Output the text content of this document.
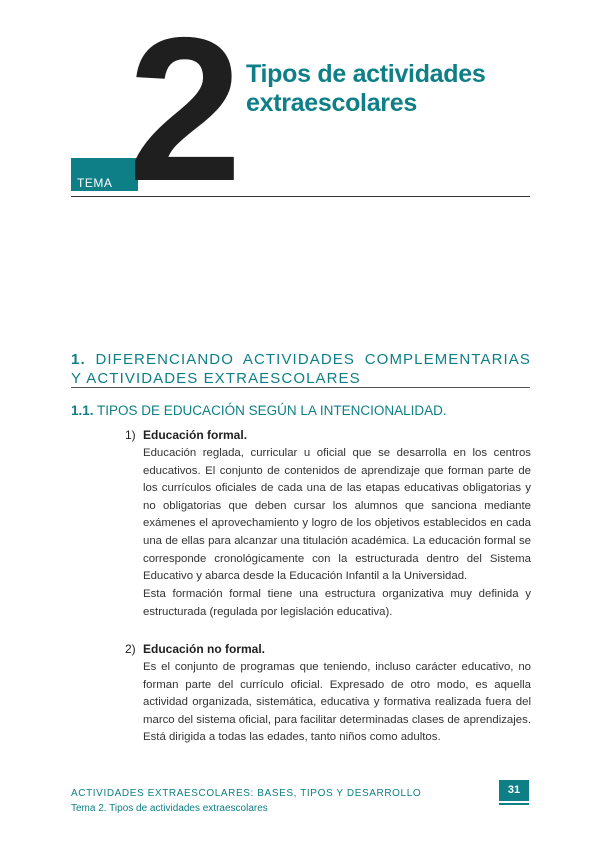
TEMA 2 Tipos de actividades extraescolares
1. DIFERENCIANDO ACTIVIDADES COMPLEMENTARIAS Y ACTIVIDADES EXTRAESCOLARES
1.1. TIPOS DE EDUCACIÓN SEGÚN LA INTENCIONALIDAD.
1) Educación formal.
Educación reglada, curricular u oficial que se desarrolla en los centros educativos. El conjunto de contenidos de aprendizaje que forman parte de los currículos oficiales de cada una de las etapas educativas obligatorias y no obligatorias que deben cursar los alumnos que sanciona mediante exámenes el aprovechamiento y logro de los objetivos establecidos en cada una de ellas para alcanzar una titulación académica. La educación formal se corresponde cronológicamente con la estructurada dentro del Sistema Educativo y abarca desde la Educación Infantil a la Universidad.
Esta formación formal tiene una estructura organizativa muy definida y estructurada (regulada por legislación educativa).
2) Educación no formal.
Es el conjunto de programas que teniendo, incluso carácter educativo, no forman parte del currículo oficial. Expresado de otro modo, es aquella actividad organizada, sistemática, educativa y formativa realizada fuera del marco del sistema oficial, para facilitar determinadas clases de aprendizajes. Está dirigida a todas las edades, tanto niños como adultos.
ACTIVIDADES EXTRAESCOLARES: BASES, TIPOS Y DESARROLLO
Tema 2. Tipos de actividades extraescolares
31
